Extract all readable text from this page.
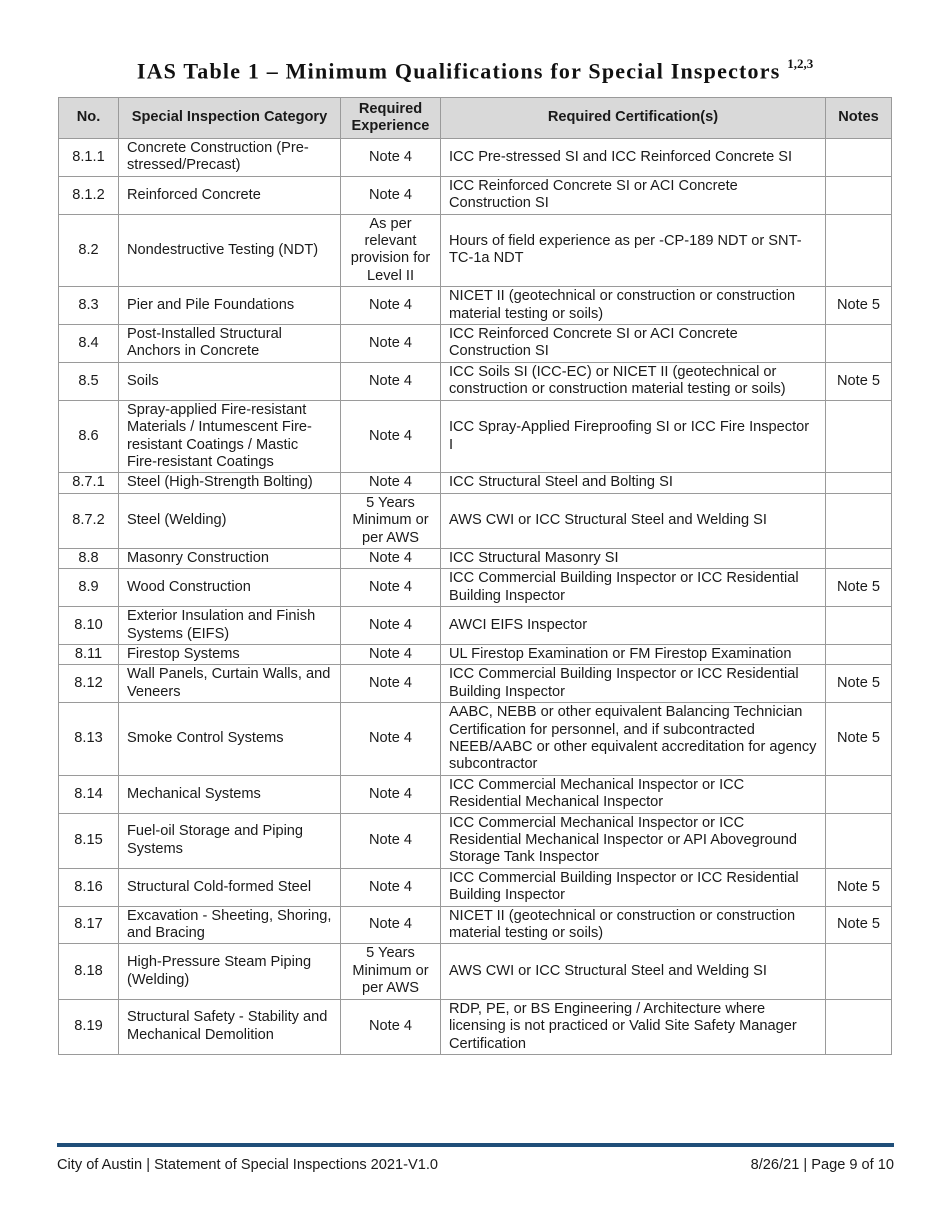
IAS Table 1 – Minimum Qualifications for Special Inspectors $^{1,2,3}$
No.	Special Inspection Category	Required Experience	Required Certification(s)	Notes
8.1.1	Concrete Construction (Pre-stressed/Precast)	Note 4	ICC Pre-stressed SI and ICC Reinforced Concrete SI	
8.1.2	Reinforced Concrete	Note 4	ICC Reinforced Concrete SI or ACI Concrete Construction SI	
8.2	Nondestructive Testing (NDT)	As per relevant provision for Level II	Hours of field experience as per -CP-189 NDT or SNT-TC-1a NDT	
8.3	Pier and Pile Foundations	Note 4	NICET II (geotechnical or construction or construction material testing or soils)	Note 5
8.4	Post-Installed Structural Anchors in Concrete	Note 4	ICC Reinforced Concrete SI or ACI Concrete Construction SI	
8.5	Soils	Note 4	ICC Soils SI (ICC-EC) or NICET II (geotechnical or construction or construction material testing or soils)	Note 5
8.6	Spray-applied Fire-resistant Materials / Intumescent Fire-resistant Coatings / Mastic Fire-resistant Coatings	Note 4	ICC Spray-Applied Fireproofing SI or ICC Fire Inspector I	
8.7.1	Steel (High-Strength Bolting)	Note 4	ICC Structural Steel and Bolting SI	
8.7.2	Steel (Welding)	5 Years Minimum or per AWS	AWS CWI or ICC Structural Steel and Welding SI	
8.8	Masonry Construction	Note 4	ICC Structural Masonry SI	
8.9	Wood Construction	Note 4	ICC Commercial Building Inspector or ICC Residential Building Inspector	Note 5
8.10	Exterior Insulation and Finish Systems (EIFS)	Note 4	AWCI EIFS Inspector	
8.11	Firestop Systems	Note 4	UL Firestop Examination or FM Firestop Examination	
8.12	Wall Panels, Curtain Walls, and Veneers	Note 4	ICC Commercial Building Inspector or ICC Residential Building Inspector	Note 5
8.13	Smoke Control Systems	Note 4	AABC, NEBB or other equivalent Balancing Technician Certification for personnel, and if subcontracted NEEB/AABC or other equivalent accreditation for agency subcontractor	Note 5
8.14	Mechanical Systems	Note 4	ICC Commercial Mechanical Inspector or ICC Residential Mechanical Inspector	
8.15	Fuel-oil Storage and Piping Systems	Note 4	ICC Commercial Mechanical Inspector or ICC Residential Mechanical Inspector or API Aboveground Storage Tank Inspector	
8.16	Structural Cold-formed Steel	Note 4	ICC Commercial Building Inspector or ICC Residential Building Inspector	Note 5
8.17	Excavation - Sheeting, Shoring, and Bracing	Note 4	NICET II (geotechnical or construction or construction material testing or soils)	Note 5
8.18	High-Pressure Steam Piping (Welding)	5 Years Minimum or per AWS	AWS CWI or ICC Structural Steel and Welding SI	
8.19	Structural Safety - Stability and Mechanical Demolition	Note 4	RDP, PE, or BS Engineering / Architecture where licensing is not practiced or Valid Site Safety Manager Certification	
City of Austin | Statement of Special Inspections 2021-V1.0	8/26/21 | Page 9 of 10
